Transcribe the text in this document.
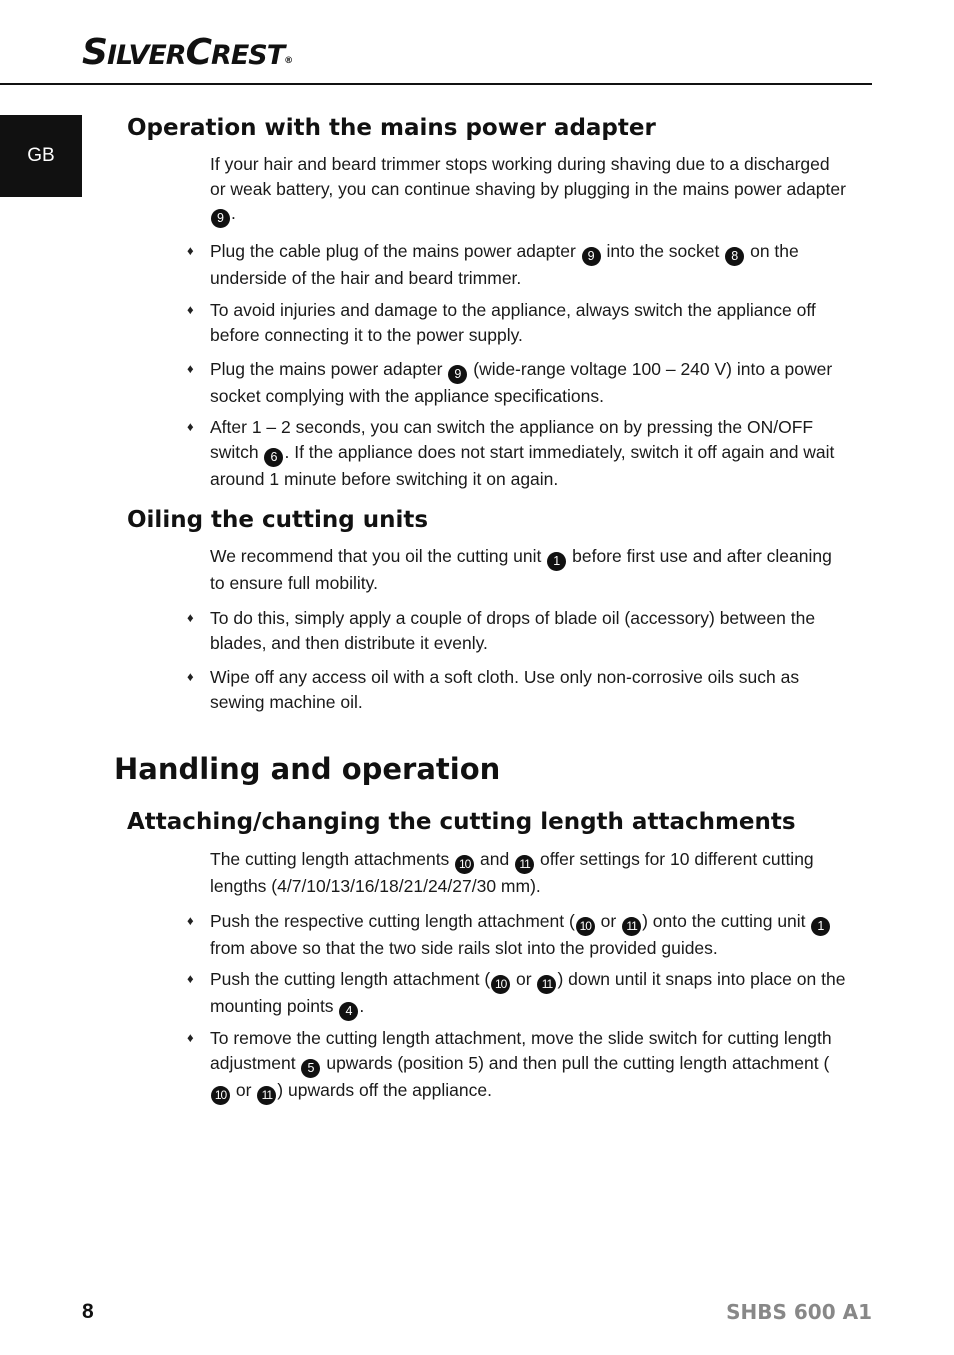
SILVERCREST®
GB
Operation with the mains power adapter

If your hair and beard trimmer stops working during shaving due to a discharged or weak battery, you can continue shaving by plugging in the mains power adapter 9 .

♦ Plug the cable plug of the mains power adapter 9 into the socket 8 on the underside of the hair and beard trimmer.

♦ To avoid injuries and damage to the appliance, always switch the appliance off before connecting it to the power supply.

♦ Plug the mains power adapter 9 (wide-range voltage 100 – 240 V) into a power socket complying with the appliance specifications.

♦ After 1 – 2 seconds, you can switch the appliance on by pressing the ON/OFF switch 6 . If the appliance does not start immediately, switch it off again and wait around 1 minute before switching it on again.

Oiling the cutting units

We recommend that you oil the cutting unit 1 before first use and after cleaning to ensure full mobility.

♦ To do this, simply apply a couple of drops of blade oil (accessory) between the blades, and then distribute it evenly.

♦ Wipe off any access oil with a soft cloth. Use only non-corrosive oils such as sewing machine oil.

Handling and operation
Attaching/changing the cutting length attachments

The cutting length attachments 10 and 11 offer settings for 10 different cutting lengths (4/7/10/13/16/18/21/24/27/30 mm).

♦ Push the respective cutting length attachment ( 10 or 11 ) onto the cutting unit 1 from above so that the two side rails slot into the provided guides.

♦ Push the cutting length attachment ( 10 or 11 ) down until it snaps into place on the mounting points 4 .

♦ To remove the cutting length attachment, move the slide switch for cutting length adjustment 5 upwards (position 5) and then pull the cutting length attachment (10 or 11 ) upwards off the appliance.

8	SHBS 600 A1
